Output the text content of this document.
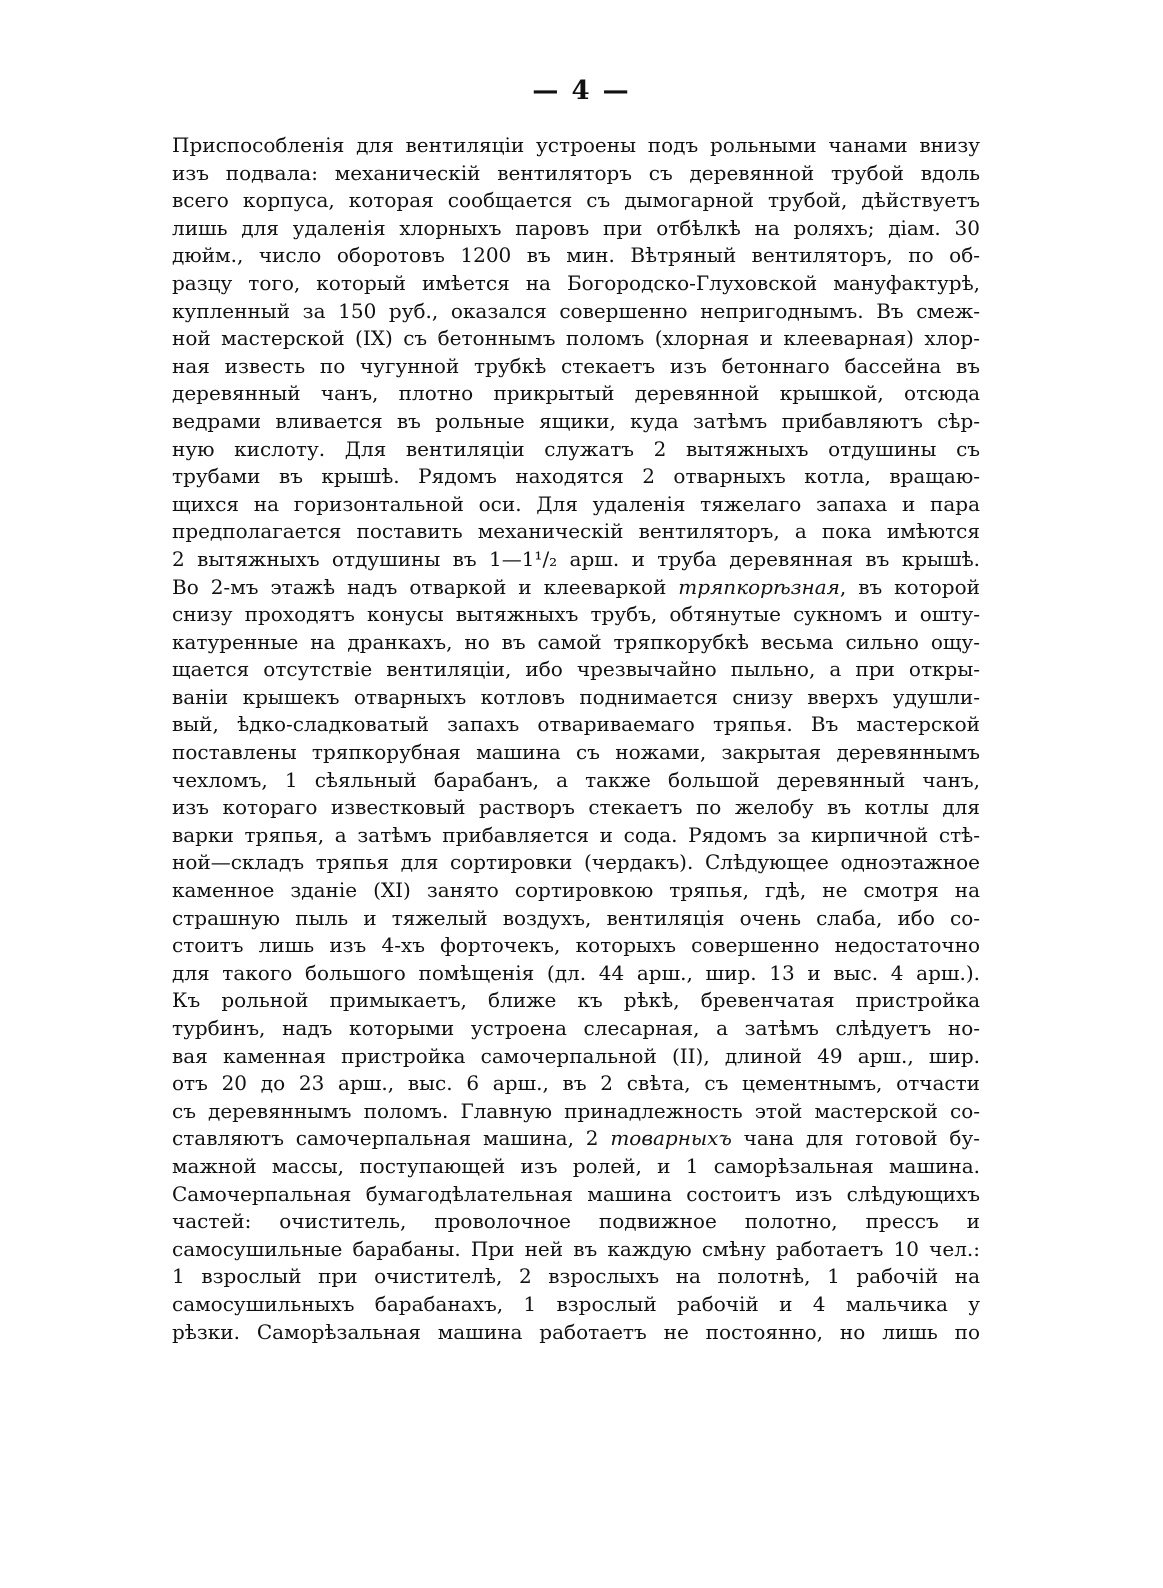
— 4 —
Приспособленія для вентиляціи устроены подъ рольными чанами внизу
изъ подвала: механическій вентиляторъ съ деревянной трубой вдоль
всего корпуса, которая сообщается съ дымогарной трубой, дѣйствуетъ
лишь для удаленія хлорныхъ паровъ при отбѣлкѣ на роляхъ; діам. 30
дюйм., число оборотовъ 1200 въ мин. Вѣтряный вентиляторъ, по об-
разцу того, который имѣется на Богородско-Глуховской мануфактурѣ,
купленный за 150 руб., оказался совершенно непригоднымъ. Въ смеж-
ной мастерской (IX) съ бетоннымъ поломъ (хлорная и клееварная) хлор-
ная известь по чугунной трубкѣ стекаетъ изъ бетоннаго бассейна въ
деревянный чанъ, плотно прикрытый деревянной крышкой, отсюда
ведрами вливается въ рольные ящики, куда затѣмъ прибавляютъ сѣр-
ную кислоту. Для вентиляціи служатъ 2 вытяжныхъ отдушины съ
трубами въ крышѣ. Рядомъ находятся 2 отварныхъ котла, вращаю-
щихся на горизонтальной оси. Для удаленія тяжелаго запаха и пара
предполагается поставить механическій вентиляторъ, а пока имѣются
2 вытяжныхъ отдушины въ 1—1¹/₂ арш. и труба деревянная въ крышѣ.
Во 2-мъ этажѣ надъ отваркой и клееваркой тряпкорѣзная, въ которой
снизу проходятъ конусы вытяжныхъ трубъ, обтянутые сукномъ и ошту-
катуренные на дранкахъ, но въ самой тряпкорубкѣ весьма сильно ощу-
щается отсутствіе вентиляціи, ибо чрезвычайно пыльно, а при откры-
ваніи крышекъ отварныхъ котловъ поднимается снизу вверхъ удушли-
вый, ѣдко-сладковатый запахъ отвариваемаго тряпья. Въ мастерской
поставлены тряпкорубная машина съ ножами, закрытая деревяннымъ
чехломъ, 1 сѣяльный барабанъ, а также большой деревянный чанъ,
изъ котораго известковый растворъ стекаетъ по желобу въ котлы для
варки тряпья, а затѣмъ прибавляется и сода. Рядомъ за кирпичной стѣ-
ной—складъ тряпья для сортировки (чердакъ). Слѣдующее одноэтажное
каменное зданіе (XI) занято сортировкою тряпья, гдѣ, не смотря на
страшную пыль и тяжелый воздухъ, вентиляція очень слаба, ибо со-
стоитъ лишь изъ 4-хъ форточекъ, которыхъ совершенно недостаточно
для такого большого помѣщенія (дл. 44 арш., шир. 13 и выс. 4 арш.).
Къ рольной примыкаетъ, ближе къ рѣкѣ, бревенчатая пристройка
турбинъ, надъ которыми устроена слесарная, а затѣмъ слѣдуетъ но-
вая каменная пристройка самочерпальной (II), длиной 49 арш., шир.
отъ 20 до 23 арш., выс. 6 арш., въ 2 свѣта, съ цементнымъ, отчасти
съ деревяннымъ поломъ. Главную принадлежность этой мастерской со-
ставляютъ самочерпальная машина, 2 товарныхъ чана для готовой бу-
мажной массы, поступающей изъ ролей, и 1 саморѣзальная машина.
Самочерпальная бумагодѣлательная машина состоитъ изъ слѣдующихъ
частей: очиститель, проволочное подвижное полотно, прессъ и
самосушильные барабаны. При ней въ каждую смѣну работаетъ 10 чел.:
1 взрослый при очистителѣ, 2 взрослыхъ на полотнѣ, 1 рабочій на
самосушильныхъ барабанахъ, 1 взрослый рабочій и 4 мальчика у
рѣзки. Саморѣзальная машина работаетъ не постоянно, но лишь по
